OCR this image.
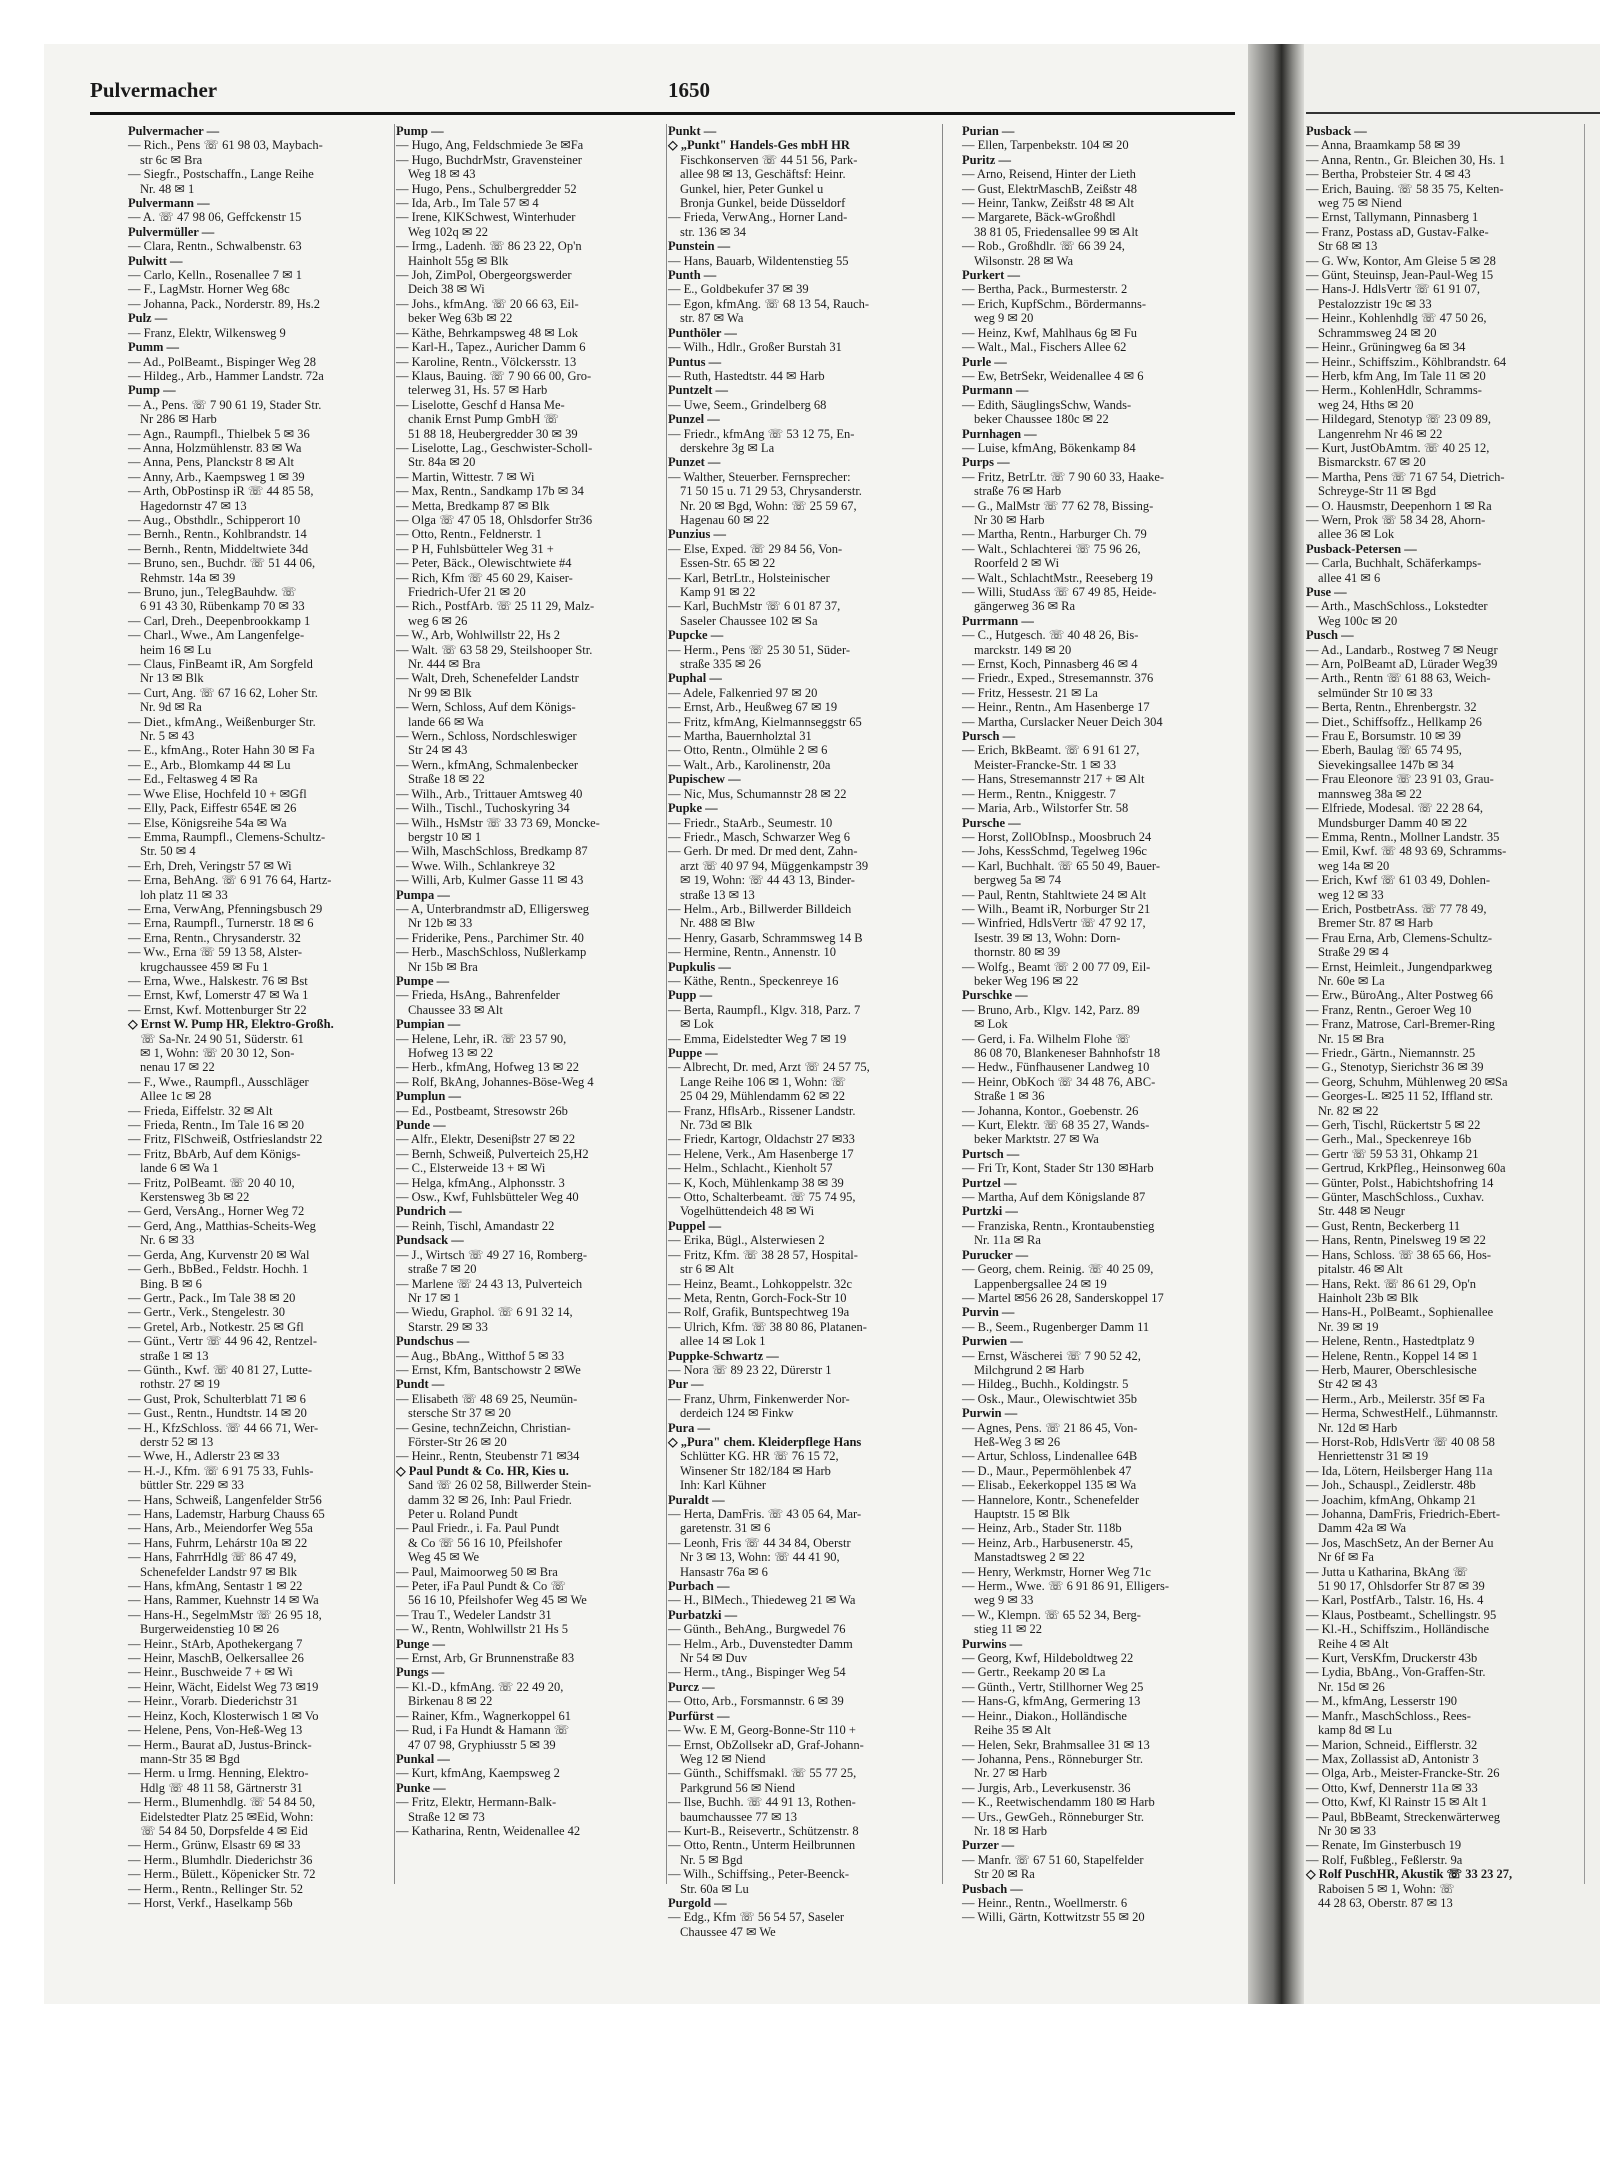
Pulvermacher	1650
Pulvermacher —
— Rich., Pens ☏ 61 98 03, Maybach-
str 6c ✉ Bra
— Siegfr., Postschaffn., Lange Reihe
Nr. 48 ✉ 1
Pulvermann —
— A. ☏ 47 98 06, Geffckenstr 15
Pulvermüller —
— Clara, Rentn., Schwalbenstr. 63
Pulwitt —
— Carlo, Kelln., Rosenallee 7 ✉ 1
— F., LagMstr. Horner Weg 68c
— Johanna, Pack., Norderstr. 89, Hs.2
Pulz —
— Franz, Elektr, Wilkensweg 9
Pumm —
— Ad., PolBeamt., Bispinger Weg 28
— Hildeg., Arb., Hammer Landstr. 72a
Pump —
— A., Pens. ☏ 7 90 61 19, Stader Str.
Nr 286 ✉ Harb
— Agn., Raumpfl., Thielbek 5 ✉ 36
— Anna, Holzmühlenstr. 83 ✉ Wa
— Anna, Pens, Planckstr 8 ✉ Alt
— Anny, Arb., Kaempsweg 1 ✉ 39
— Arth, ObPostinsp iR ☏ 44 85 58,
Hagedornstr 47 ✉ 13
— Aug., Obsthdlr., Schipperort 10
— Bernh., Rentn., Kohlbrandstr. 14
— Bernh., Rentn, Middeltwiete 34d
— Bruno, sen., Buchdr. ☏ 51 44 06,
Rehmstr. 14a ✉ 39
— Bruno, jun., TelegBauhdw. ☏
6 91 43 30, Rübenkamp 70 ✉ 33
— Carl, Dreh., Deepenbrookkamp 1
— Charl., Wwe., Am Langenfelge-
heim 16 ✉ Lu
— Claus, FinBeamt iR, Am Sorgfeld
Nr 13 ✉ Blk
— Curt, Ang. ☏ 67 16 62, Loher Str.
Nr. 9d ✉ Ra
— Diet., kfmAng., Weißenburger Str.
Nr. 5 ✉ 43
— E., kfmAng., Roter Hahn 30 ✉ Fa
— E., Arb., Blomkamp 44 ✉ Lu
— Ed., Feltasweg 4 ✉ Ra
— Wwe Elise, Hochfeld 10 + ✉Gfl
— Elly, Pack, Eiffestr 654E ✉ 26
— Else, Königsreihe 54a ✉ Wa
— Emma, Raumpfl., Clemens-Schultz-
Str. 50 ✉ 4
— Erh, Dreh, Veringstr 57 ✉ Wi
— Erna, BehAng. ☏ 6 91 76 64, Hartz-
loh platz 11 ✉ 33
— Erna, VerwAng, Pfenningsbusch 29
— Erna, Raumpfl., Turnerstr. 18 ✉ 6
— Erna, Rentn., Chrysanderstr. 32
— Ww., Erna ☏ 59 13 58, Alster-
krugchaussee 459 ✉ Fu 1
— Erna, Wwe., Halskestr. 76 ✉ Bst
— Ernst, Kwf, Lomerstr 47 ✉ Wa 1
— Ernst, Kwf. Mottenburger Str 22
◇ Ernst W. Pump HR, Elektro-Großh.
☏ Sa-Nr. 24 90 51, Süderstr. 61
✉ 1, Wohn: ☏ 20 30 12, Son-
nenau 17 ✉ 22
— F., Wwe., Raumpfl., Ausschläger
Allee 1c ✉ 28
— Frieda, Eiffelstr. 32 ✉ Alt
— Frieda, Rentn., Im Tale 16 ✉ 20
— Fritz, FlSchweiß, Ostfrieslandstr 22
— Fritz, BbArb, Auf dem Königs-
lande 6 ✉ Wa 1
— Fritz, PolBeamt. ☏ 20 40 10,
Kerstensweg 3b ✉ 22
— Gerd, VersAng., Horner Weg 72
— Gerd, Ang., Matthias-Scheits-Weg
Nr. 6 ✉ 33
— Gerda, Ang, Kurvenstr 20 ✉ Wal
— Gerh., BbBed., Feldstr. Hochh. 1
Bing. B ✉ 6
— Gertr., Pack., Im Tale 38 ✉ 20
— Gertr., Verk., Stengelestr. 30
— Gretel, Arb., Notkestr. 25 ✉ Gfl
— Günt., Vertr ☏ 44 96 42, Rentzel-
straße 1 ✉ 13
— Günth., Kwf. ☏ 40 81 27, Lutte-
rothstr. 27 ✉ 19
— Gust, Prok, Schulterblatt 71 ✉ 6
— Gust., Rentn., Hundtstr. 14 ✉ 20
— H., KfzSchloss. ☏ 44 66 71, Wer-
derstr 52 ✉ 13
— Wwe, H., Adlerstr 23 ✉ 33
— H.-J., Kfm. ☏ 6 91 75 33, Fuhls-
büttler Str. 229 ✉ 33
— Hans, Schweiß, Langenfelder Str56
— Hans, Lademstr, Harburg Chauss 65
— Hans, Arb., Meiendorfer Weg 55a
— Hans, Fuhrm, Lehárstr 10a ✉ 22
— Hans, FahrrHdlg ☏ 86 47 49,
Schenefelder Landstr 97 ✉ Blk
— Hans, kfmAng, Sentastr 1 ✉ 22
— Hans, Rammer, Kuehnstr 14 ✉ Wa
— Hans-H., SegelmMstr ☏ 26 95 18,
Burgerweidenstieg 10 ✉ 26
— Heinr., StArb, Apothekergang 7
— Heinr, MaschB, Oelkersallee 26
— Heinr., Buschweide 7 + ✉ Wi
— Heinr, Wächt, Eidelst Weg 73 ✉19
— Heinr., Vorarb. Diederichstr 31
— Heinz, Koch, Klosterwisch 1 ✉ Vo
— Helene, Pens, Von-Heß-Weg 13
— Herm., Baurat aD, Justus-Brinck-
mann-Str 35 ✉ Bgd
— Herm. u Irmg. Henning, Elektro-
Hdlg ☏ 48 11 58, Gärtnerstr 31
— Herm., Blumenhdlg. ☏ 54 84 50,
Eidelstedter Platz 25 ✉Eid, Wohn:
☏ 54 84 50, Dorpsfelde 4 ✉ Eid
— Herm., Grünw, Elsastr 69 ✉ 33
— Herm., Blumhdlr. Diederichstr 36
— Herm., Bülett., Köpenicker Str. 72
— Herm., Rentn., Rellinger Str. 52
— Horst, Verkf., Haselkamp 56b
Pump —
— Hugo, Ang, Feldschmiede 3e ✉Fa
— Hugo, BuchdrMstr, Gravensteiner
Weg 18 ✉ 43
— Hugo, Pens., Schulbergredder 52
— Ida, Arb., Im Tale 57 ✉ 4
— Irene, KlKSchwest, Winterhuder
Weg 102q ✉ 22
— Irmg., Ladenh. ☏ 86 23 22, Op'n
Hainholt 55g ✉ Blk
— Joh, ZimPol, Obergeorgswerder
Deich 38 ✉ Wi
— Johs., kfmAng. ☏ 20 66 63, Eil-
beker Weg 63b ✉ 22
— Käthe, Behrkampsweg 48 ✉ Lok
— Karl-H., Tapez., Auricher Damm 6
— Karoline, Rentn., Völckersstr. 13
— Klaus, Bauing. ☏ 7 90 66 00, Gro-
telerweg 31, Hs. 57 ✉ Harb
— Liselotte, Geschf d Hansa Me-
chanik Ernst Pump GmbH ☏
51 88 18, Heubergredder 30 ✉ 39
— Liselotte, Lag., Geschwister-Scholl-
Str. 84a ✉ 20
— Martin, Wittestr. 7 ✉ Wi
— Max, Rentn., Sandkamp 17b ✉ 34
— Metta, Bredkamp 87 ✉ Blk
— Olga ☏ 47 05 18, Ohlsdorfer Str36
— Otto, Rentn., Feldnerstr. 1
— P H, Fuhlsbütteler Weg 31 +
— Peter, Bäck., Olewischtwiete #4
— Rich, Kfm ☏ 45 60 29, Kaiser-
Friedrich-Ufer 21 ✉ 20
— Rich., PostfArb. ☏ 25 11 29, Malz-
weg 6 ✉ 26
— W., Arb, Wohlwillstr 22, Hs 2
— Walt. ☏ 63 58 29, Steilshooper Str.
Nr. 444 ✉ Bra
— Walt, Dreh, Schenefelder Landstr
Nr 99 ✉ Blk
— Wern, Schloss, Auf dem Königs-
lande 66 ✉ Wa
— Wern., Schloss, Nordschleswiger
Str 24 ✉ 43
— Wern., kfmAng, Schmalenbecker
Straße 18 ✉ 22
— Wilh., Arb., Trittauer Amtsweg 40
— Wilh., Tischl., Tuchoskyring 34
— Wilh., HsMstr ☏ 33 73 69, Moncke-
bergstr 10 ✉ 1
— Wilh, MaschSchloss, Bredkamp 87
— Wwe. Wilh., Schlankreye 32
— Willi, Arb, Kulmer Gasse 11 ✉ 43
Pumpa —
— A, Unterbrandmstr aD, Elligersweg
Nr 12b ✉ 33
— Friderike, Pens., Parchimer Str. 40
— Herb., MaschSchloss, Nußlerkamp
Nr 15b ✉ Bra
Pumpe —
— Frieda, HsAng., Bahrenfelder
Chaussee 33 ✉ Alt
Pumpian —
— Helene, Lehr, iR. ☏ 23 57 90,
Hofweg 13 ✉ 22
— Herb., kfmAng, Hofweg 13 ✉ 22
— Rolf, BkAng, Johannes-Böse-Weg 4
Pumplun —
— Ed., Postbeamt, Stresowstr 26b
Punde —
— Alfr., Elektr, Deseniβstr 27 ✉ 22
— Bernh, Schweiß, Pulverteich 25,H2
— C., Elsterweide 13 + ✉ Wi
— Helga, kfmAng., Alphonsstr. 3
— Osw., Kwf, Fuhlsbütteler Weg 40
Pundrich —
— Reinh, Tischl, Amandastr 22
Pundsack —
— J., Wirtsch ☏ 49 27 16, Romberg-
straße 7 ✉ 20
— Marlene ☏ 24 43 13, Pulverteich
Nr 17 ✉ 1
— Wiedu, Graphol. ☏ 6 91 32 14,
Starstr. 29 ✉ 33
Pundschus —
— Aug., BbAng., Witthof 5 ✉ 33
— Ernst, Kfm, Bantschowstr 2 ✉We
Pundt —
— Elisabeth ☏ 48 69 25, Neumün-
stersche Str 37 ✉ 20
— Gesine, technZeichn, Christian-
Förster-Str 26 ✉ 20
— Heinr., Rentn, Steubenstr 71 ✉34
◇ Paul Pundt & Co. HR, Kies u.
Sand ☏ 26 02 58, Billwerder Stein-
damm 32 ✉ 26, Inh: Paul Friedr.
Peter u. Roland Pundt
— Paul Friedr., i. Fa. Paul Pundt
& Co ☏ 56 16 10, Pfeilshofer
Weg 45 ✉ We
— Paul, Maimoorweg 50 ✉ Bra
— Peter, iFa Paul Pundt & Co ☏
56 16 10, Pfeilshofer Weg 45 ✉ We
— Trau T., Wedeler Landstr 31
— W., Rentn, Wohlwillstr 21 Hs 5
Punge —
— Ernst, Arb, Gr Brunnenstraße 83
Pungs —
— Kl.-D., kfmAng. ☏ 22 49 20,
Birkenau 8 ✉ 22
— Rainer, Kfm., Wagnerkoppel 61
— Rud, i Fa Hundt & Hamann ☏
47 07 98, Gryphiusstr 5 ✉ 39
Punkal —
— Kurt, kfmAng, Kaempsweg 2
Punke —
— Fritz, Elektr, Hermann-Balk-
Straße 12 ✉ 73
— Katharina, Rentn, Weidenallee 42
Punkt —
◇ „Punkt" Handels-Ges mbH HR
Fischkonserven ☏ 44 51 56, Park-
allee 98 ✉ 13, Geschäftsf: Heinr.
Gunkel, hier, Peter Gunkel u
Bronja Gunkel, beide Düsseldorf
— Frieda, VerwAng., Horner Land-
str. 136 ✉ 34
Punstein —
— Hans, Bauarb, Wildentenstieg 55
Punth —
— E., Goldbekufer 37 ✉ 39
— Egon, kfmAng. ☏ 68 13 54, Rauch-
str. 87 ✉ Wa
Punthöler —
— Wilh., Hdlr., Großer Burstah 31
Puntus —
— Ruth, Hastedtstr. 44 ✉ Harb
Puntzelt —
— Uwe, Seem., Grindelberg 68
Punzel —
— Friedr., kfmAng ☏ 53 12 75, En-
derskehre 3g ✉ La
Punzet —
— Walther, Steuerber. Fernsprecher:
71 50 15 u. 71 29 53, Chrysanderstr.
Nr. 20 ✉ Bgd, Wohn: ☏ 25 59 67,
Hagenau 60 ✉ 22
Punzius —
— Else, Exped. ☏ 29 84 56, Von-
Essen-Str. 65 ✉ 22
— Karl, BetrLtr., Holsteinischer
Kamp 91 ✉ 22
— Karl, BuchMstr ☏ 6 01 87 37,
Saseler Chaussee 102 ✉ Sa
Pupcke —
— Herm., Pens ☏ 25 30 51, Süder-
straße 335 ✉ 26
Puphal —
— Adele, Falkenried 97 ✉ 20
— Ernst, Arb., Heußweg 67 ✉ 19
— Fritz, kfmAng, Kielmannseggstr 65
— Martha, Bauernholztal 31
— Otto, Rentn., Olmühle 2 ✉ 6
— Walt., Arb., Karolinenstr, 20a
Pupischew —
— Nic, Mus, Schumannstr 28 ✉ 22
Pupke —
— Friedr., StaArb., Seumestr. 10
— Friedr., Masch, Schwarzer Weg 6
— Gerh. Dr med. Dr med dent, Zahn-
arzt ☏ 40 97 94, Müggenkampstr 39
✉ 19, Wohn: ☏ 44 43 13, Binder-
straße 13 ✉ 13
— Helm., Arb., Billwerder Billdeich
Nr. 488 ✉ Blw
— Henry, Gasarb, Schrammsweg 14 B
— Hermine, Rentn., Annenstr. 10
Pupkulis —
— Käthe, Rentn., Speckenreye 16
Pupp —
— Berta, Raumpfl., Klgv. 318, Parz. 7
✉ Lok
— Emma, Eidelstedter Weg 7 ✉ 19
Puppe —
— Albrecht, Dr. med, Arzt ☏ 24 57 75,
Lange Reihe 106 ✉ 1, Wohn: ☏
25 04 29, Mühlendamm 62 ✉ 22
— Franz, HflsArb., Rissener Landstr.
Nr. 73d ✉ Blk
— Friedr, Kartogr, Oldachstr 27 ✉33
— Helene, Verk., Am Hasenberge 17
— Helm., Schlacht., Kienholt 57
— K, Koch, Mühlenkamp 38 ✉ 39
— Otto, Schalterbeamt. ☏ 75 74 95,
Vogelhüttendeich 48 ✉ Wi
Puppel —
— Erika, Bügl., Alsterwiesen 2
— Fritz, Kfm. ☏ 38 28 57, Hospital-
str 6 ✉ Alt
— Heinz, Beamt., Lohkoppelstr. 32c
— Meta, Rentn, Gorch-Fock-Str 10
— Rolf, Grafik, Buntspechtweg 19a
— Ulrich, Kfm. ☏ 38 80 86, Platanen-
allee 14 ✉ Lok 1
Puppke-Schwartz —
— Nora ☏ 89 23 22, Dürerstr 1
Pur —
— Franz, Uhrm, Finkenwerder Nor-
derdeich 124 ✉ Finkw
Pura —
◇ „Pura" chem. Kleiderpflege Hans
Schlütter KG. HR ☏ 76 15 72,
Winsener Str 182/184 ✉ Harb
Inh: Karl Kühner
Puraldt —
— Herta, DamFris. ☏ 43 05 64, Mar-
garetenstr. 31 ✉ 6
— Leonh, Fris ☏ 44 34 84, Oberstr
Nr 3 ✉ 13, Wohn: ☏ 44 41 90,
Hansastr 76a ✉ 6
Purbach —
— H., BlMech., Thiedeweg 21 ✉ Wa
Purbatzki —
— Günth., BehAng., Burgwedel 76
— Helm., Arb., Duvenstedter Damm
Nr 54 ✉ Duv
— Herm., tAng., Bispinger Weg 54
Purcz —
— Otto, Arb., Forsmannstr. 6 ✉ 39
Purfürst —
— Ww. E M, Georg-Bonne-Str 110 +
— Ernst, ObZollsekr aD, Graf-Johann-
Weg 12 ✉ Niend
— Günth., Schiffsmakl. ☏ 55 77 25,
Parkgrund 56 ✉ Niend
— Ilse, Buchh. ☏ 44 91 13, Rothen-
baumchaussee 77 ✉ 13
— Kurt-B., Reisevertr., Schützenstr. 8
— Otto, Rentn., Unterm Heilbrunnen
Nr. 5 ✉ Bgd
— Wilh., Schiffsing., Peter-Beenck-
Str. 60a ✉ Lu
Purgold —
— Edg., Kfm ☏ 56 54 57, Saseler
Chaussee 47 ✉ We
Purian —
— Ellen, Tarpenbekstr. 104 ✉ 20
Puritz —
— Arno, Reisend, Hinter der Lieth
— Gust, ElektrMaschB, Zeißstr 48
— Heinr, Tankw, Zeißstr 48 ✉ Alt
— Margarete, Bäck-wGroßhdl
38 81 05, Friedensallee 99 ✉ Alt
— Rob., Großhdlr. ☏ 66 39 24,
Wilsonstr. 28 ✉ Wa
Purkert —
— Bertha, Pack., Burmesterstr. 2
— Erich, KupfSchm., Bördermanns-
weg 9 ✉ 20
— Heinz, Kwf, Mahlhaus 6g ✉ Fu
— Walt., Mal., Fischers Allee 62
Purle —
— Ew, BetrSekr, Weidenallee 4 ✉ 6
Purmann —
— Edith, SäuglingsSchw, Wands-
beker Chaussee 180c ✉ 22
Purnhagen —
— Luise, kfmAng, Bökenkamp 84
Purps —
— Fritz, BetrLtr. ☏ 7 90 60 33, Haake-
straße 76 ✉ Harb
— G., MalMstr ☏ 77 62 78, Bissing-
Nr 30 ✉ Harb
— Martha, Rentn., Harburger Ch. 79
— Walt., Schlachterei ☏ 75 96 26,
Roorfeld 2 ✉ Wi
— Walt., SchlachtMstr., Reeseberg 19
— Willi, StudAss ☏ 67 49 85, Heide-
gängerweg 36 ✉ Ra
Purrmann —
— C., Hutgesch. ☏ 40 48 26, Bis-
marckstr. 149 ✉ 20
— Ernst, Koch, Pinnasberg 46 ✉ 4
— Friedr., Exped., Stresemannstr. 376
— Fritz, Hessestr. 21 ✉ La
— Heinr., Rentn., Am Hasenberge 17
— Martha, Curslacker Neuer Deich 304
Pursch —
— Erich, BkBeamt. ☏ 6 91 61 27,
Meister-Francke-Str. 1 ✉ 33
— Hans, Stresemannstr 217 + ✉ Alt
— Herm., Rentn., Kniggestr. 7
— Maria, Arb., Wilstorfer Str. 58
Pursche —
— Horst, ZollObInsp., Moosbruch 24
— Johs, KessSchmd, Tegelweg 196c
— Karl, Buchhalt. ☏ 65 50 49, Bauer-
bergweg 5a ✉ 74
— Paul, Rentn, Stahltwiete 24 ✉ Alt
— Wilh., Beamt iR, Norburger Str 21
— Winfried, HdlsVertr ☏ 47 92 17,
Isestr. 39 ✉ 13, Wohn: Dorn-
thornstr. 80 ✉ 39
— Wolfg., Beamt ☏ 2 00 77 09, Eil-
beker Weg 196 ✉ 22
Purschke —
— Bruno, Arb., Klgv. 142, Parz. 89
✉ Lok
— Gerd, i. Fa. Wilhelm Flohe ☏
86 08 70, Blankeneser Bahnhofstr 18
— Hedw., Fünfhausener Landweg 10
— Heinr, ObKoch ☏ 34 48 76, ABC-
Straße 1 ✉ 36
— Johanna, Kontor., Goebenstr. 26
— Kurt, Elektr. ☏ 68 35 27, Wands-
beker Marktstr. 27 ✉ Wa
Purtsch —
— Fri Tr, Kont, Stader Str 130 ✉Harb
Purtzel —
— Martha, Auf dem Königslande 87
Purtzki —
— Franziska, Rentn., Krontaubenstieg
Nr. 11a ✉ Ra
Purucker —
— Georg, chem. Reinig. ☏ 40 25 09,
Lappenbergsallee 24 ✉ 19
— Martel ✉56 26 28, Sanderskoppel 17
Purvin —
— B., Seem., Rugenberger Damm 11
Purwien —
— Ernst, Wäscherei ☏ 7 90 52 42,
Milchgrund 2 ✉ Harb
— Hildeg., Buchh., Koldingstr. 5
— Osk., Maur., Olewischtwiet 35b
Purwin —
— Agnes, Pens. ☏ 21 86 45, Von-
Heß-Weg 3 ✉ 26
— Artur, Schloss, Lindenallee 64B
— D., Maur., Pepermöhlenbek 47
— Elisab., Eekerkoppel 135 ✉ Wa
— Hannelore, Kontr., Schenefelder
Hauptstr. 15 ✉ Blk
— Heinz, Arb., Stader Str. 118b
— Heinz, Arb., Harbusenerstr. 45,
Manstadtsweg 2 ✉ 22
— Henry, Werkmstr, Horner Weg 71c
— Herm., Wwe. ☏ 6 91 86 91, Elligers-
weg 9 ✉ 33
— W., Klempn. ☏ 65 52 34, Berg-
stieg 11 ✉ 22
Purwins —
— Georg, Kwf, Hildeboldtweg 22
— Gertr., Reekamp 20 ✉ La
— Günth., Vertr, Stillhorner Weg 25
— Hans-G, kfmAng, Germering 13
— Heinr., Diakon., Holländische
Reihe 35 ✉ Alt
— Helen, Sekr, Brahmsallee 31 ✉ 13
— Johanna, Pens., Rönneburger Str.
Nr. 27 ✉ Harb
— Jurgis, Arb., Leverkusenstr. 36
— K., Reetwischendamm 180 ✉ Harb
— Urs., GewGeh., Rönneburger Str.
Nr. 18 ✉ Harb
Purzer —
— Manfr. ☏ 67 51 60, Stapelfelder
Str 20 ✉ Ra
Pusbach —
— Heinr., Rentn., Woellmerstr. 6
— Willi, Gärtn, Kottwitzstr 55 ✉ 20
Pusback —
— Anna, Braamkamp 58 ✉ 39
— Anna, Rentn., Gr. Bleichen 30, Hs. 1
— Bertha, Probsteier Str. 4 ✉ 43
— Erich, Bauing. ☏ 58 35 75, Kelten-
weg 75 ✉ Niend
— Ernst, Tallymann, Pinnasberg 1
— Franz, Postass aD, Gustav-Falke-
Str 68 ✉ 13
— G. Ww, Kontor, Am Gleise 5 ✉ 28
— Günt, Steuinsp, Jean-Paul-Weg 15
— Hans-J. HdlsVertr ☏ 61 91 07,
Pestalozzistr 19c ✉ 33
— Heinr., Kohlenhdlg ☏ 47 50 26,
Schrammsweg 24 ✉ 20
— Heinr., Grüningweg 6a ✉ 34
— Heinr., Schiffszim., Köhlbrandstr. 64
— Herb, kfm Ang, Im Tale 11 ✉ 20
— Herm., KohlenHdlr, Schramms-
weg 24, Hths ✉ 20
— Hildegard, Stenotyp ☏ 23 09 89,
Langenrehm Nr 46 ✉ 22
— Kurt, JustObAmtm. ☏ 40 25 12,
Bismarckstr. 67 ✉ 20
— Martha, Pens ☏ 71 67 54, Dietrich-
Schreyge-Str 11 ✉ Bgd
— O. Hausmstr, Deepenhorn 1 ✉ Ra
— Wern, Prok ☏ 58 34 28, Ahorn-
allee 36 ✉ Lok
Pusback-Petersen —
— Carla, Buchhalt, Schäferkamps-
allee 41 ✉ 6
Puse —
— Arth., MaschSchloss., Lokstedter
Weg 100c ✉ 20
Pusch —
— Ad., Landarb., Rostweg 7 ✉ Neugr
— Arn, PolBeamt aD, Lürader Weg39
— Arth., Rentn ☏ 61 88 63, Weich-
selmünder Str 10 ✉ 33
— Berta, Rentn., Ehrenbergstr. 32
— Diet., Schiffsoffz., Hellkamp 26
— Frau E, Borsumstr. 10 ✉ 39
— Eberh, Baulag ☏ 65 74 95,
Sievekingsallee 147b ✉ 34
— Frau Eleonore ☏ 23 91 03, Grau-
mannsweg 38a ✉ 22
— Elfriede, Modesal. ☏ 22 28 64,
Mundsburger Damm 40 ✉ 22
— Emma, Rentn., Mollner Landstr. 35
— Emil, Kwf. ☏ 48 93 69, Schramms-
weg 14a ✉ 20
— Erich, Kwf ☏ 61 03 49, Dohlen-
weg 12 ✉ 33
— Erich, PostbetrAss. ☏ 77 78 49,
Bremer Str. 87 ✉ Harb
— Frau Erna, Arb, Clemens-Schultz-
Straße 29 ✉ 4
— Ernst, Heimleit., Jungendparkweg
Nr. 60e ✉ La
— Erw., BüroAng., Alter Postweg 66
— Franz, Rentn., Geroer Weg 10
— Franz, Matrose, Carl-Bremer-Ring
Nr. 15 ✉ Bra
— Friedr., Gärtn., Niemannstr. 25
— G., Stenotyp, Sierichstr 36 ✉ 39
— Georg, Schuhm, Mühlenweg 20 ✉Sa
— Georges-L. ✉25 11 52, Iffland str.
Nr. 82 ✉ 22
— Gerh, Tischl, Rückertstr 5 ✉ 22
— Gerh., Mal., Speckenreye 16b
— Gertr ☏ 59 53 31, Ohkamp 21
— Gertrud, KrkPfleg., Heinsonweg 60a
— Günter, Polst., Habichtshofring 14
— Günter, MaschSchloss., Cuxhav.
Str. 448 ✉ Neugr
— Gust, Rentn, Beckerberg 11
— Hans, Rentn, Pinelsweg 19 ✉ 22
— Hans, Schloss. ☏ 38 65 66, Hos-
pitalstr. 46 ✉ Alt
— Hans, Rekt. ☏ 86 61 29, Op'n
Hainholt 23b ✉ Blk
— Hans-H., PolBeamt., Sophienallee
Nr. 39 ✉ 19
— Helene, Rentn., Hastedtplatz 9
— Helene, Rentn., Koppel 14 ✉ 1
— Herb, Maurer, Oberschlesische
Str 42 ✉ 43
— Herm., Arb., Meilerstr. 35f ✉ Fa
— Herma, SchwestHelf., Lühmannstr.
Nr. 12d ✉ Harb
— Horst-Rob, HdlsVertr ☏ 40 08 58
Henriettenstr 31 ✉ 19
— Ida, Lötern, Heilsberger Hang 11a
— Joh., Schauspl., Zeidlerstr. 48b
— Joachim, kfmAng, Ohkamp 21
— Johanna, DamFris, Friedrich-Ebert-
Damm 42a ✉ Wa
— Jos, MaschSetz, An der Berner Au
Nr 6f ✉ Fa
— Jutta u Katharina, BkAng ☏
51 90 17, Ohlsdorfer Str 87 ✉ 39
— Karl, PostfArb., Talstr. 16, Hs. 4
— Klaus, Postbeamt., Schellingstr. 95
— Kl.-H., Schiffszim., Holländische
Reihe 4 ✉ Alt
— Kurt, VersKfm, Druckerstr 43b
— Lydia, BbAng., Von-Graffen-Str.
Nr. 15d ✉ 26
— M., kfmAng, Lesserstr 190
— Manfr., MaschSchloss., Rees-
kamp 8d ✉ Lu
— Marion, Schneid., Eifflerstr. 32
— Max, Zollassist aD, Antonistr 3
— Olga, Arb., Meister-Francke-Str. 26
— Otto, Kwf, Dennerstr 11a ✉ 33
— Otto, Kwf, Kl Rainstr 15 ✉ Alt 1
— Paul, BbBeamt, Streckenwärterweg
Nr 30 ✉ 33
— Renate, Im Ginsterbusch 19
— Rolf, Fußbleg., Feßlerstr. 9a
◇ Rolf PuschHR, Akustik ☏ 33 23 27,
Raboisen 5 ✉ 1, Wohn: ☏
44 28 63, Oberstr. 87 ✉ 13
